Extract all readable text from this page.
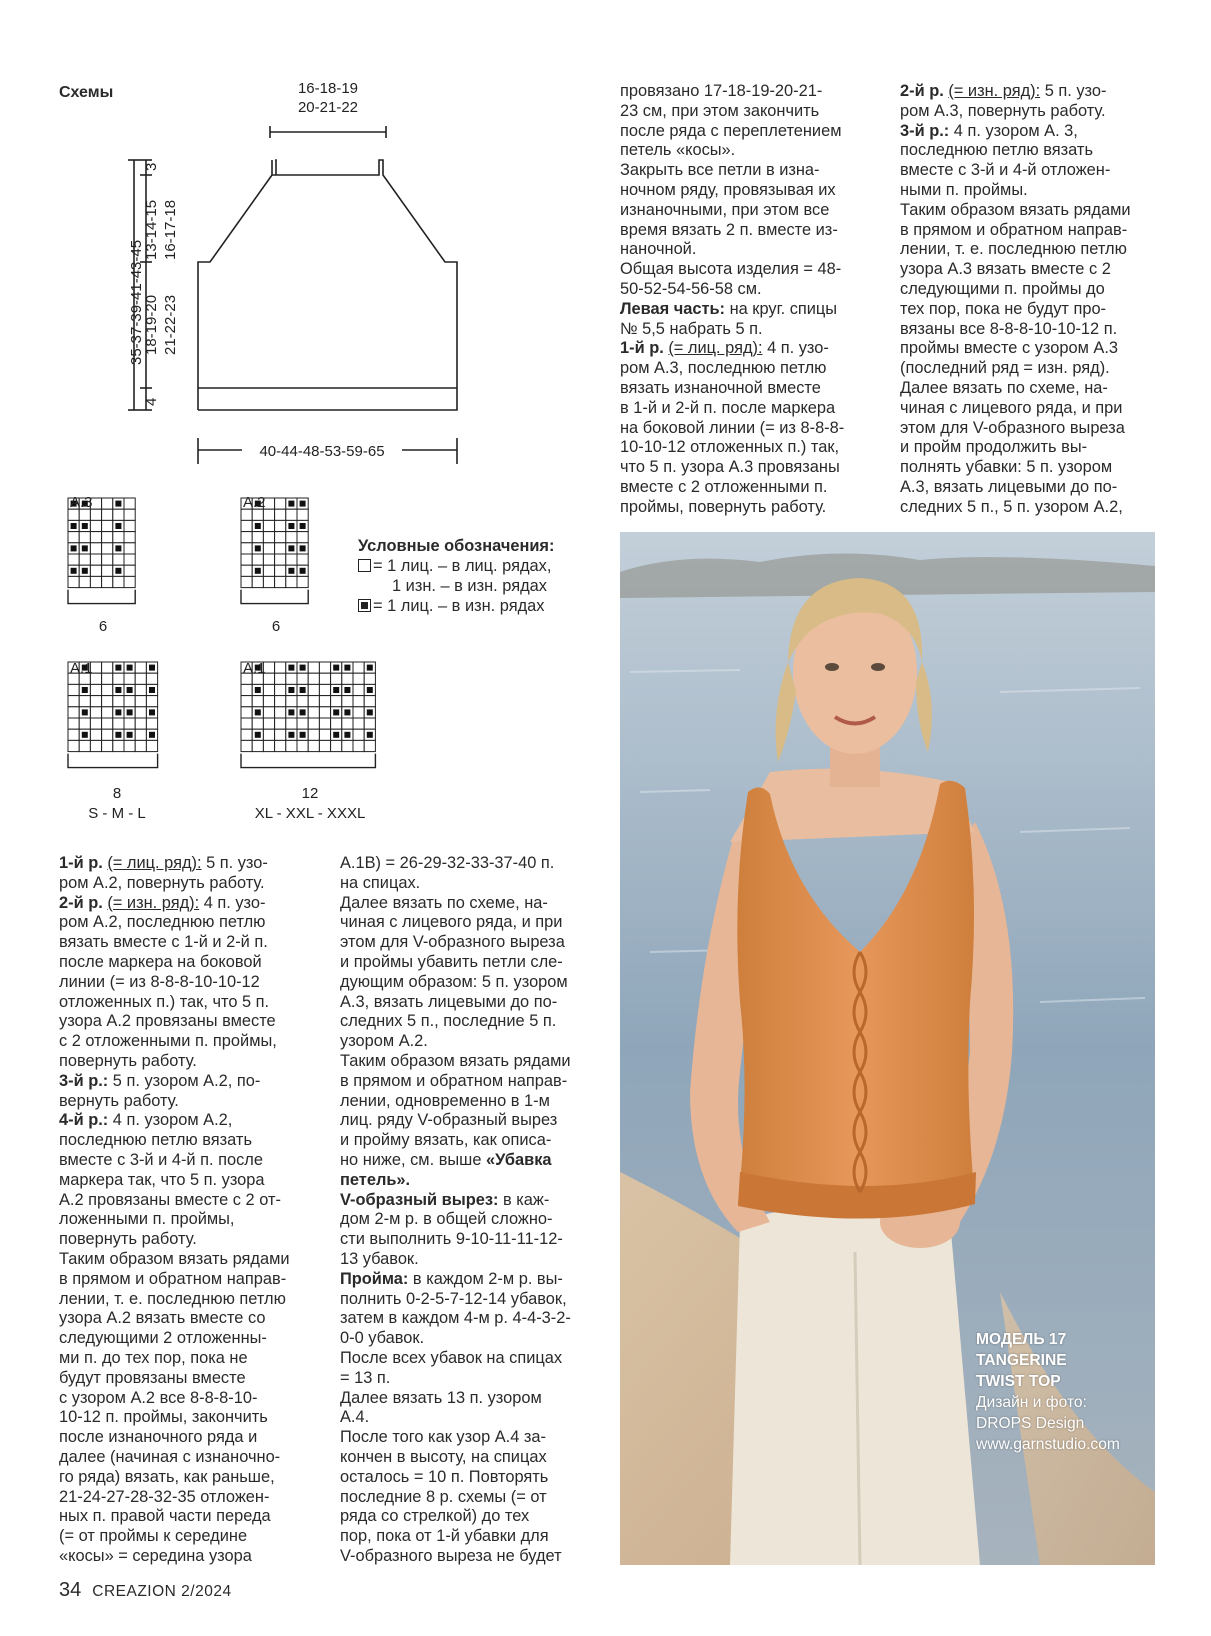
Схемы	16-18-19
20-21-22
40-44-48-53-59-65
35-37-39-41-43-45
3
13-14-15 16-17-18
18-19-20 21-22-23
4
A.3
6
A.2
6
A.1
8
S - M - L
A.1
12
XL - XXL - XXXL
Условные обозначения:
= 1 лиц. – в лиц. рядах,
1 изн. – в изн. рядах
= 1 лиц. – в изн. рядах

1-й р. (= лиц. ряд): 5 п. узо-

ром А.2, повернуть работу.

2-й р. (= изн. ряд): 4 п. узо-

ром А.2, последнюю петлю

вязать вместе с 1-й и 2-й п.

после маркера на боковой

линии (= из 8-8-8-10-10-12

отложенных п.) так, что 5 п.

узора А.2 провязаны вместе

с 2 отложенными п. проймы,

повернуть работу.

3-й р.: 5 п. узором А.2, по-

вернуть работу.

4-й р.: 4 п. узором А.2,

последнюю петлю вязать

вместе с 3-й и 4-й п. после

маркера так, что 5 п. узора

А.2 провязаны вместе с 2 от-

ложенными п. проймы,

повернуть работу.

Таким образом вязать рядами

в прямом и обратном направ-

лении, т. е. последнюю петлю

узора А.2 вязать вместе со

следующими 2 отложенны-

ми п. до тех пор, пока не

будут провязаны вместе

с узором А.2 все 8-8-8-10-

10-12 п. проймы, закончить

после изнаночного ряда и

далее (начиная с изнаночно-

го ряда) вязать, как раньше,

21-24-27-28-32-35 отложен-

ных п. правой части переда

(= от проймы к середине

«косы» = середина узора

А.1В) = 26-29-32-33-37-40 п.

на спицах.

Далее вязать по схеме, на-

чиная с лицевого ряда, и при

этом для V-образного выреза

и проймы убавить петли сле-

дующим образом: 5 п. узором

А.3, вязать лицевыми до по-

следних 5 п., последние 5 п.

узором А.2.

Таким образом вязать рядами

в прямом и обратном направ-

лении, одновременно в 1-м

лиц. ряду V-образный вырез

и пройму вязать, как описа-

но ниже, см. выше «Убавка

петель».

V-образный вырез: в каж-

дом 2-м р. в общей сложно-

сти выполнить 9-10-11-11-12-

13 убавок.

Пройма: в каждом 2-м р. вы-

полнить 0-2-5-7-12-14 убавок,

затем в каждом 4-м р. 4-4-3-2-

0-0 убавок.

После всех убавок на спицах

= 13 п.

Далее вязать 13 п. узором

А.4.

После того как узор А.4 за-

кончен в высоту, на спицах

осталось = 10 п. Повторять

последние 8 р. схемы (= от

ряда со стрелкой) до тех

пор, пока от 1-й убавки для

V-образного выреза не будет

провязано 17-18-19-20-21-

23 см, при этом закончить

после ряда с переплетением

петель «косы».

Закрыть все петли в изна-

ночном ряду, провязывая их

изнаночными, при этом все

время вязать 2 п. вместе из-

наночной.

Общая высота изделия = 48-

50-52-54-56-58 см.

Левая часть: на круг. спицы

№ 5,5 набрать 5 п.

1-й р. (= лиц. ряд): 4 п. узо-

ром А.3, последнюю петлю

вязать изнаночной вместе

в 1-й и 2-й п. после маркера

на боковой линии (= из 8-8-8-

10-10-12 отложенных п.) так,

что 5 п. узора А.3 провязаны

вместе с 2 отложенными п.

проймы, повернуть работу.

2-й р. (= изн. ряд): 5 п. узо-

ром А.3, повернуть работу.

3-й р.: 4 п. узором А. 3,

последнюю петлю вязать

вместе с 3-й и 4-й отложен-

ными п. проймы.

Таким образом вязать рядами

в прямом и обратном направ-

лении, т. е. последнюю петлю

узора А.3 вязать вместе с 2

следующими п. проймы до

тех пор, пока не будут про-

вязаны все 8-8-8-10-10-12 п.

проймы вместе с узором А.3

(последний ряд = изн. ряд).

Далее вязать по схеме, на-

чиная с лицевого ряда, и при

этом для V-образного выреза

и пройм продолжить вы-

полнять убавки: 5 п. узором

А.3, вязать лицевыми до по-

следних 5 п., 5 п. узором А.2,

МОДЕЛЬ 17
TANGERINE
TWIST TOP
Дизайн и фото:
DROPS Design
www.garnstudio.com
34 CREAZION 2/2024
